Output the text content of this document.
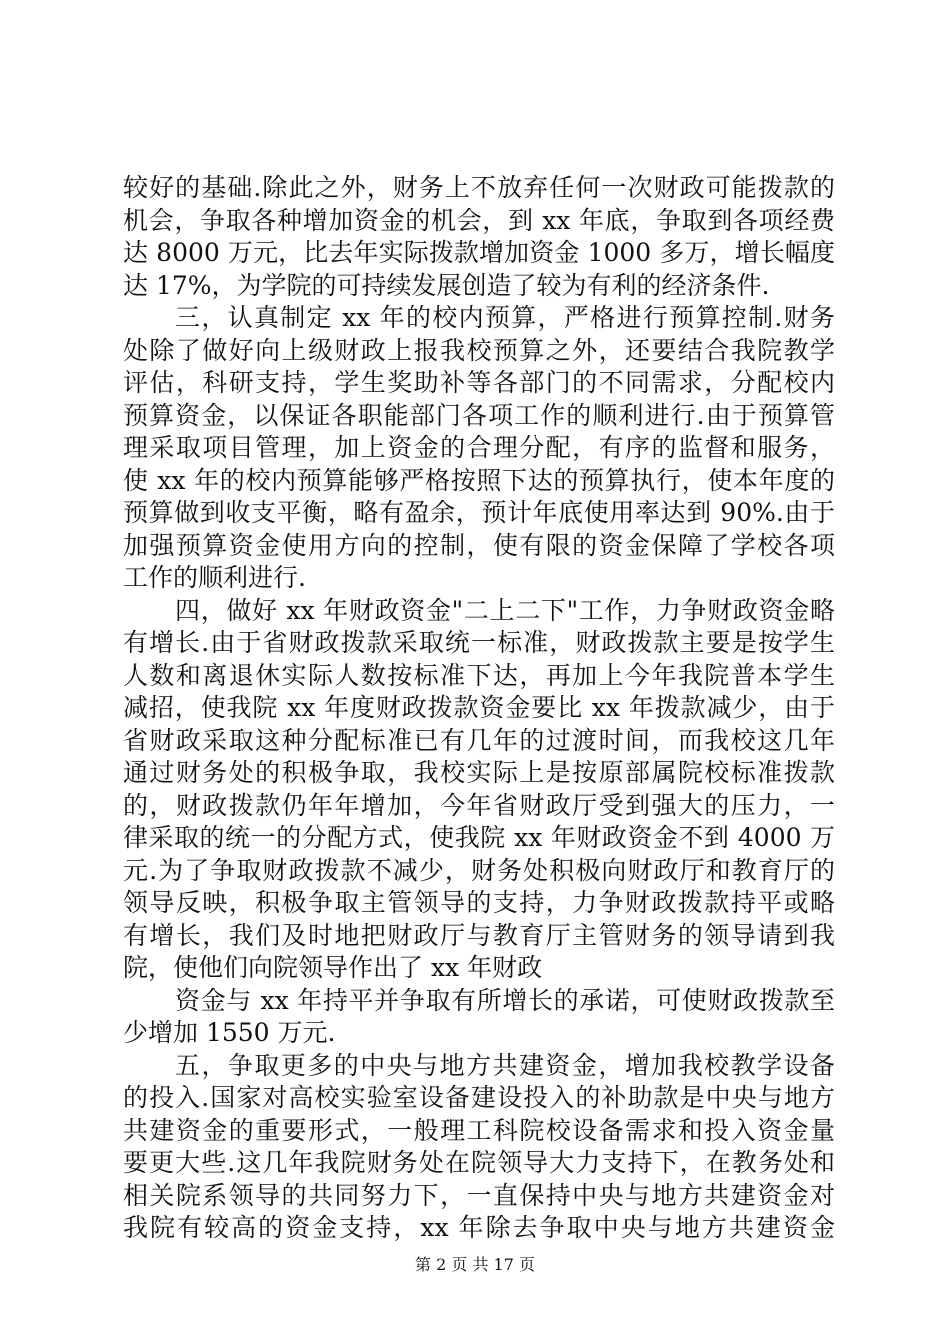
较好的基础.除此之外，财务上不放弃任何一次财政可能拨款的
机会，争取各种增加资金的机会，到 xx 年底，争取到各项经费
达 8000 万元，比去年实际拨款增加资金 1000 多万，增长幅度
达 17%，为学院的可持续发展创造了较为有利的经济条件.
三，认真制定 xx 年的校内预算，严格进行预算控制.财务
处除了做好向上级财政上报我校预算之外，还要结合我院教学
评估，科研支持，学生奖助补等各部门的不同需求，分配校内
预算资金，以保证各职能部门各项工作的顺利进行.由于预算管
理采取项目管理，加上资金的合理分配，有序的监督和服务，
使 xx 年的校内预算能够严格按照下达的预算执行，使本年度的
预算做到收支平衡，略有盈余，预计年底使用率达到 90%.由于
加强预算资金使用方向的控制，使有限的资金保障了学校各项
工作的顺利进行.
四，做好 xx 年财政资金"二上二下"工作，力争财政资金略
有增长.由于省财政拨款采取统一标准，财政拨款主要是按学生
人数和离退休实际人数按标准下达，再加上今年我院普本学生
减招，使我院 xx 年度财政拨款资金要比 xx 年拨款减少，由于
省财政采取这种分配标准已有几年的过渡时间，而我校这几年
通过财务处的积极争取，我校实际上是按原部属院校标准拨款
的，财政拨款仍年年增加，今年省财政厅受到强大的压力，一
律采取的统一的分配方式，使我院 xx 年财政资金不到 4000 万
元.为了争取财政拨款不减少，财务处积极向财政厅和教育厅的
领导反映，积极争取主管领导的支持，力争财政拨款持平或略
有增长，我们及时地把财政厅与教育厅主管财务的领导请到我
院，使他们向院领导作出了 xx 年财政
资金与 xx 年持平并争取有所增长的承诺，可使财政拨款至
少增加 1550 万元.
五，争取更多的中央与地方共建资金，增加我校教学设备
的投入.国家对高校实验室设备建设投入的补助款是中央与地方
共建资金的重要形式，一般理工科院校设备需求和投入资金量
要更大些.这几年我院财务处在院领导大力支持下，在教务处和
相关院系领导的共同努力下，一直保持中央与地方共建资金对
我院有较高的资金支持，xx 年除去争取中央与地方共建资金
第 2 页 共 17 页
